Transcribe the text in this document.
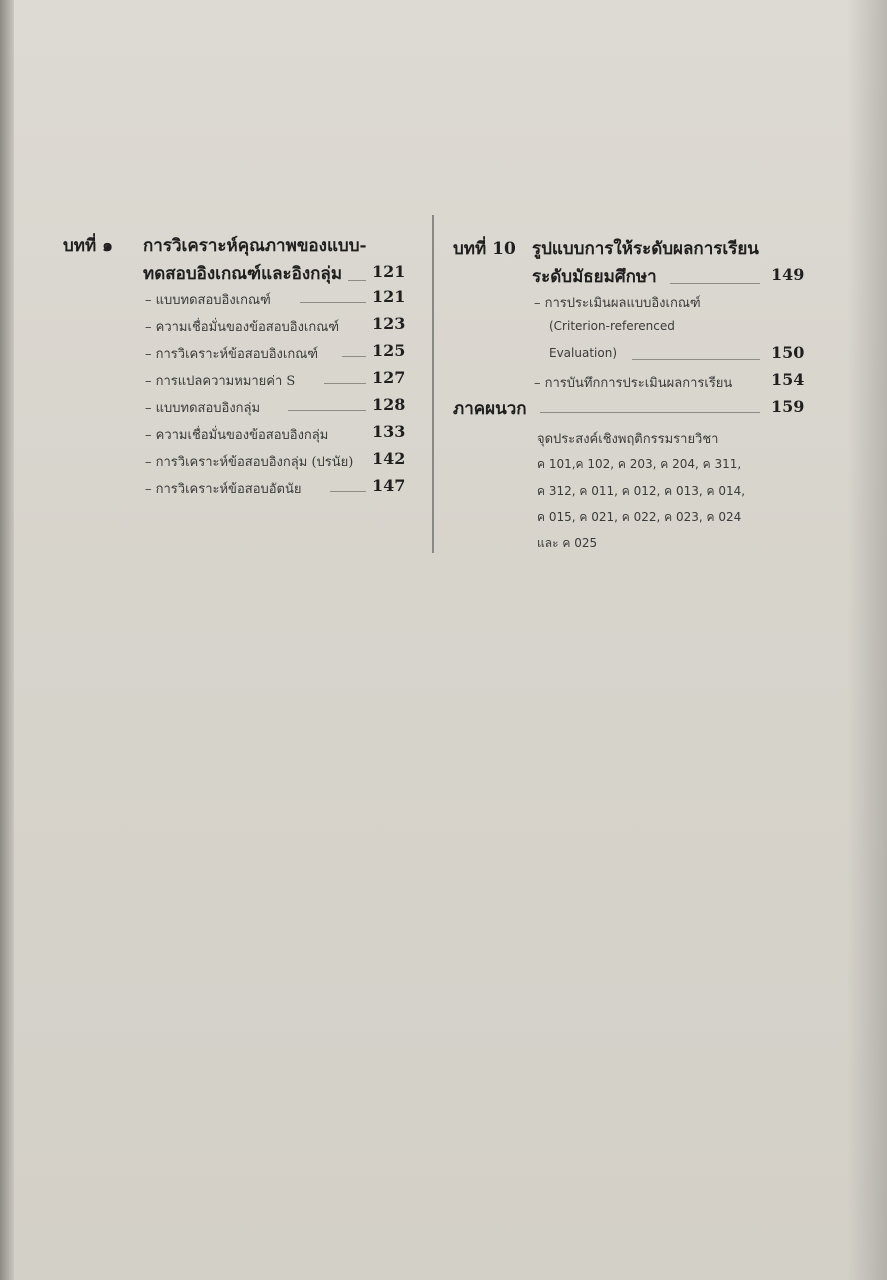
บทที่ ๑ การวิเคราะห์คุณภาพของแบบ-
ทดสอบอิงเกณฑ์และอิงกลุ่ม 121
– แบบทดสอบอิงเกณฑ์	121
– ความเชื่อมั่นของข้อสอบอิงเกณฑ์ 123
– การวิเคราะห์ข้อสอบอิงเกณฑ์	125
– การแปลความหมายค่า S	127
– แบบทดสอบอิงกลุ่ม	128
– ความเชื่อมั่นของข้อสอบอิงกลุ่ม	133
– การวิเคราะห์ข้อสอบอิงกลุ่ม (ปรนัย) 142
– การวิเคราะห์ข้อสอบอัตนัย	147
บทที่ 10 รูปแบบการให้ระดับผลการเรียน
ระดับมัธยมศึกษา	149
– การประเมินผลแบบอิงเกณฑ์
(Criterion-referenced
Evaluation)	150
– การบันทึกการประเมินผลการเรียน 154
ภาคผนวก	159
จุดประสงค์เชิงพฤติกรรมรายวิชา
ค 101,ค 102, ค 203, ค 204, ค 311,
ค 312, ค 011, ค 012, ค 013, ค 014,
ค 015, ค 021, ค 022, ค 023, ค 024
และ ค 025
